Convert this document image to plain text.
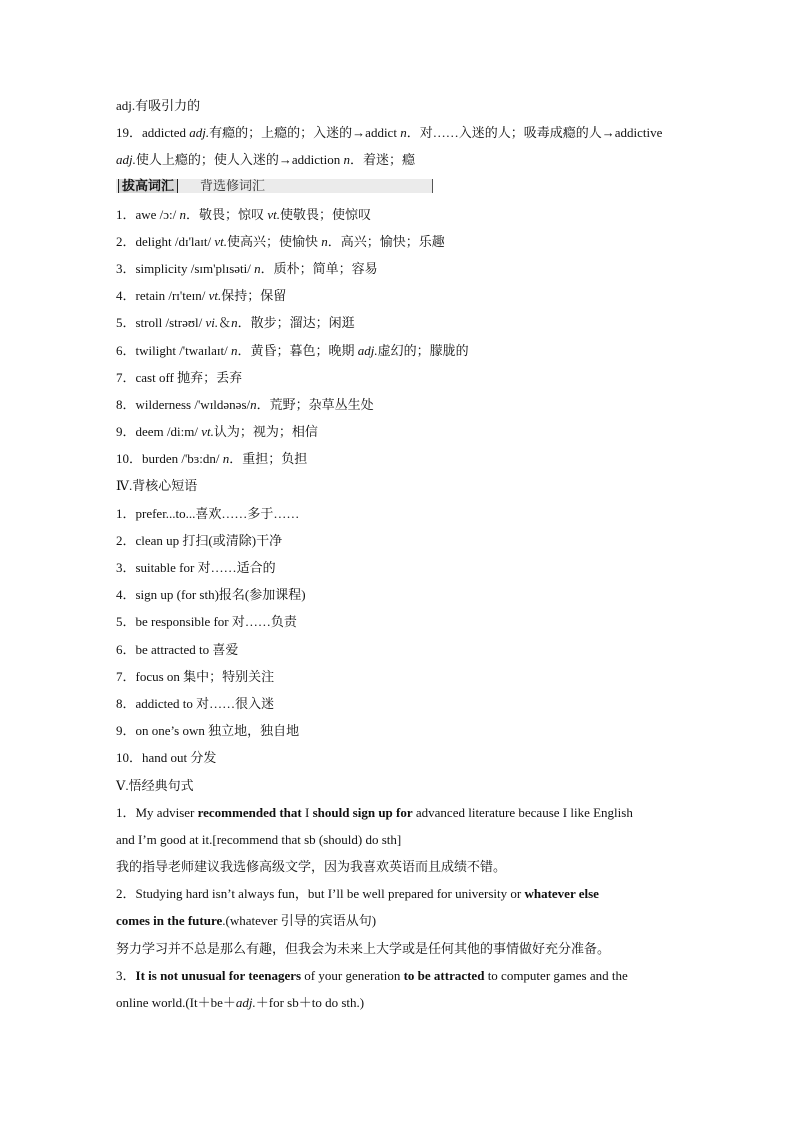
adj.有吸引力的
19．addicted adj.有瘾的；上瘾的；入迷的→addict n．对……入迷的人；吸毒成瘾的人→addictive
adj.使人上瘾的；使人入迷的→addiction n．着迷；瘾
拔高词汇	背选修词汇
1．awe /ɔ:/ n．敬畏；惊叹 vt.使敬畏；使惊叹
2．delight /dɪ'laɪt/ vt.使高兴；使愉快 n．高兴；愉快；乐趣
3．simplicity /sɪm'plɪsəti/ n．质朴；简单；容易
4．retain /rɪ'teɪn/ vt.保持；保留
5．stroll /strəʊl/ vi.＆n．散步；溜达；闲逛
6．twilight /'twaɪlaɪt/ n．黄昏；暮色；晚期 adj.虚幻的；朦胧的
7．cast off 抛弃；丢弃
8．wilderness /'wɪldənəs/n．荒野；杂草丛生处
9．deem /di:m/ vt.认为；视为；相信
10．burden /'bɜ:dn/ n．重担；负担
Ⅳ.背核心短语
1．prefer...to...喜欢……多于……
2．clean up 打扫(或清除)干净
3．suitable for 对……适合的
4．sign up (for sth)报名(参加课程)
5．be responsible for 对……负责
6．be attracted to 喜爱
7．focus on 集中；特别关注
8．addicted to 对……很入迷
9．on one’s own 独立地，独自地
10．hand out 分发
Ⅴ.悟经典句式
1．My adviser recommended that I should sign up for advanced literature because I like English
and I’m good at it.[recommend that sb (should) do sth]
我的指导老师建议我选修高级文学，因为我喜欢英语而且成绩不错。
2．Studying hard isn’t always fun，but I’ll be well prepared for university or whatever else
comes in the future.(whatever 引导的宾语从句)
努力学习并不总是那么有趣，但我会为未来上大学或是任何其他的事情做好充分准备。
3．It is not unusual for teenagers of your generation to be attracted to computer games and the
online world.(It＋be＋adj.＋for sb＋to do sth.)
